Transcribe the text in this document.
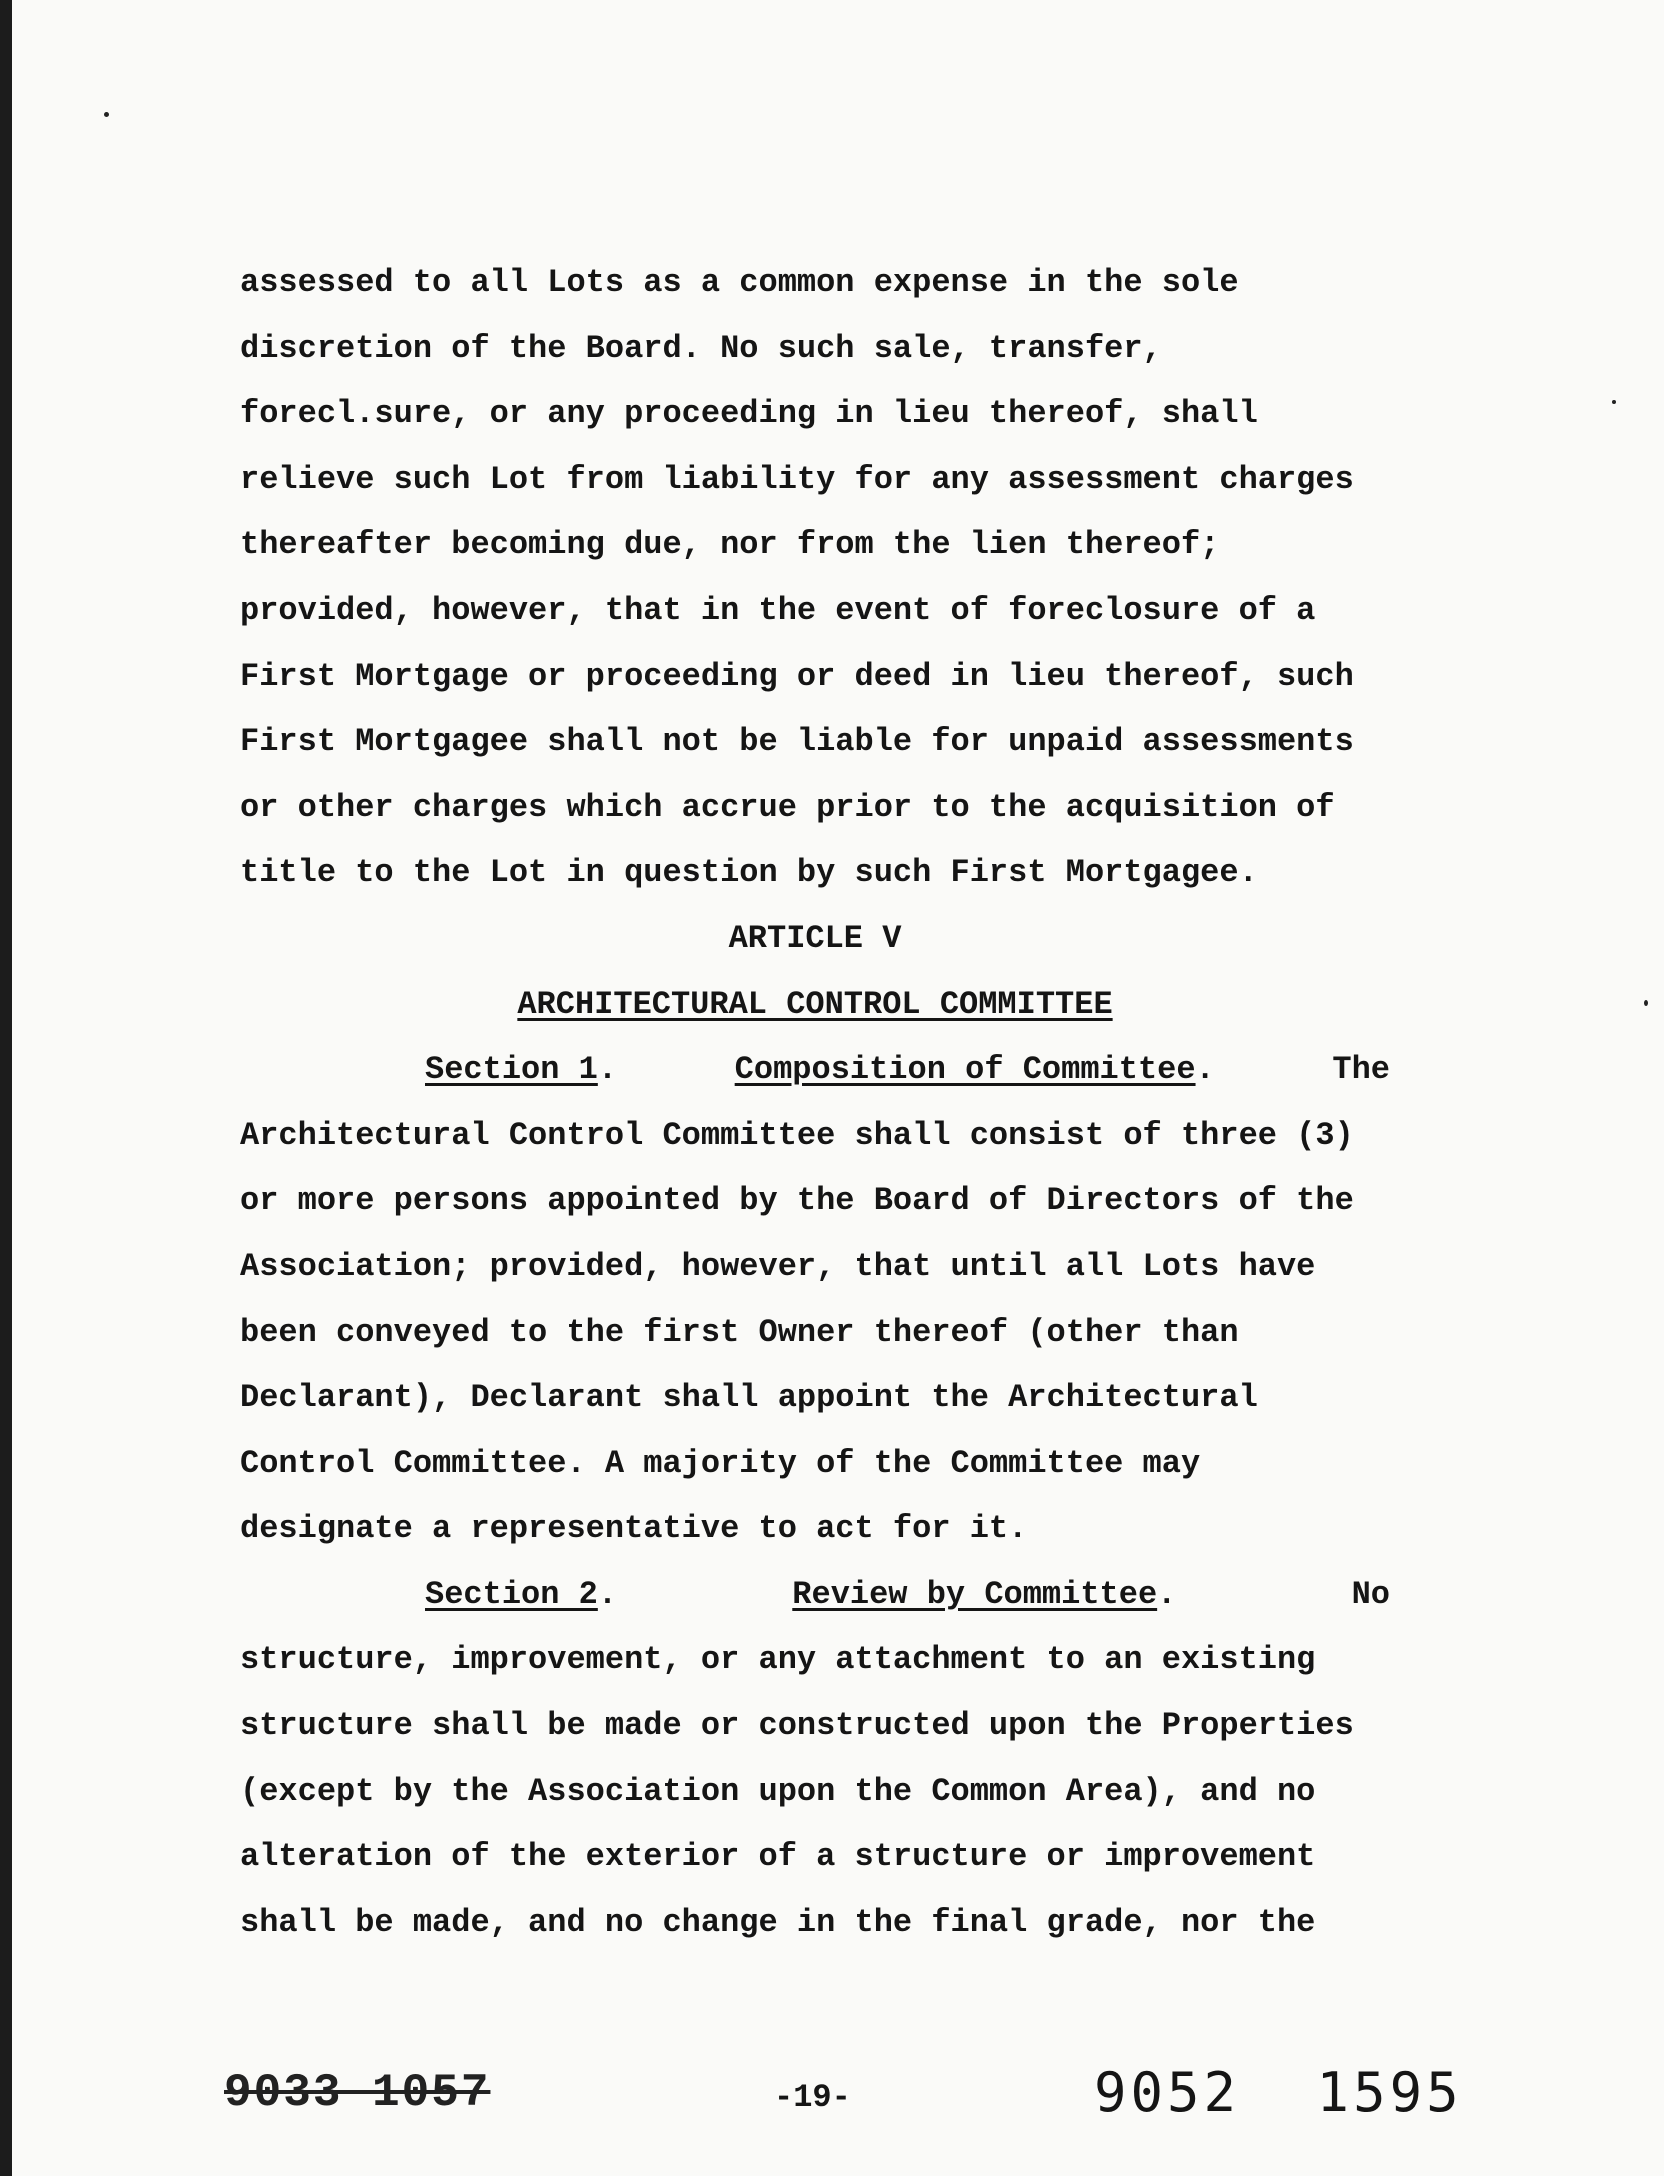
assessed to all Lots as a common expense in the sole

discretion of the Board. No such sale, transfer,

forecl.sure, or any proceeding in lieu thereof, shall

relieve such Lot from liability for any assessment charges

thereafter becoming due, nor from the lien thereof;

provided, however, that in the event of foreclosure of a

First Mortgage or proceeding or deed in lieu thereof, such

First Mortgagee shall not be liable for unpaid assessments

or other charges which accrue prior to the acquisition of

title to the Lot in question by such First Mortgagee.

ARTICLE V

ARCHITECTURAL CONTROL COMMITTEE

Section 1.	Composition of Committee.	The

Architectural Control Committee shall consist of three (3)

or more persons appointed by the Board of Directors of the

Association; provided, however, that until all Lots have

been conveyed to the first Owner thereof (other than

Declarant), Declarant shall appoint the Architectural

Control Committee. A majority of the Committee may

designate a representative to act for it.

Section 2.	Review by Committee.	No

structure, improvement, or any attachment to an existing

structure shall be made or constructed upon the Properties

(except by the Association upon the Common Area), and no

alteration of the exterior of a structure or improvement

shall be made, and no change in the final grade, nor the

9033 1057	-19-	9052 1595
